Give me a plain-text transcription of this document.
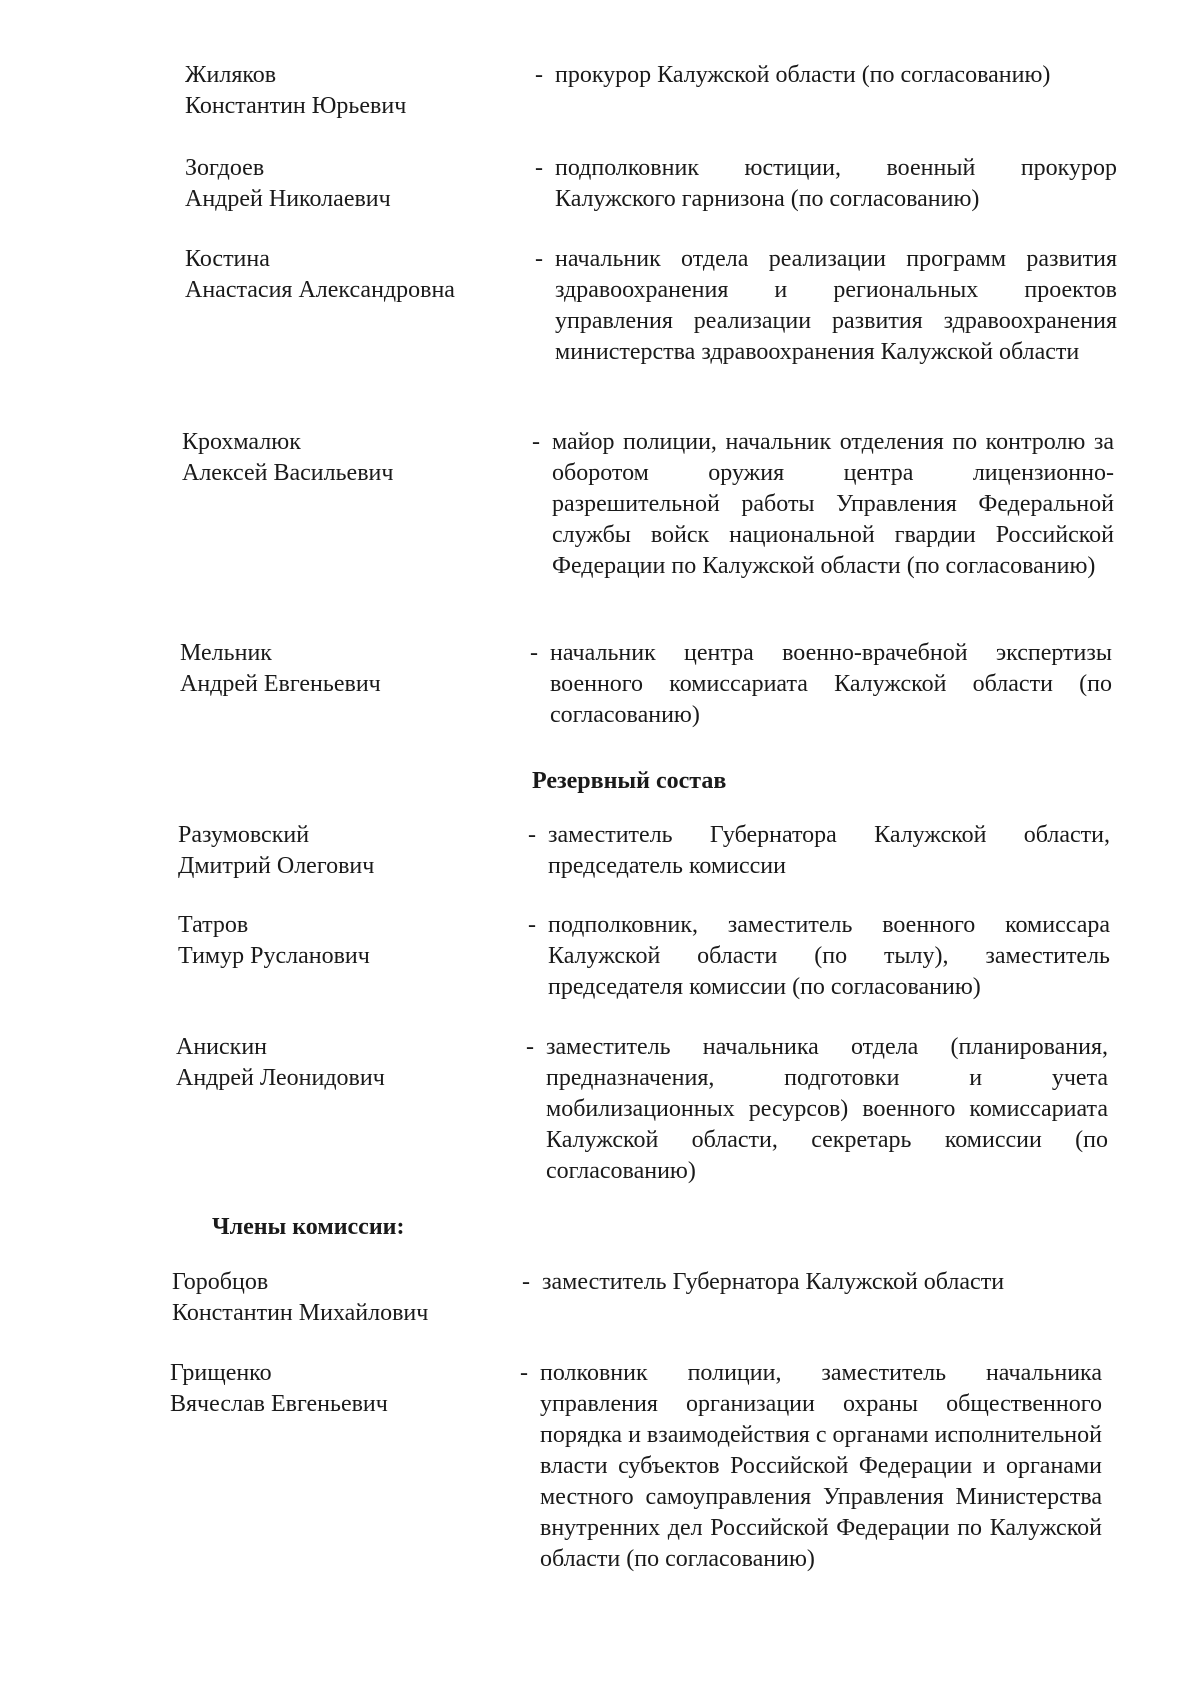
Жиляков
Константин Юрьевич
- прокурор Калужской области (по согласованию)
Зогдоев
Андрей Николаевич
- подполковник юстиции, военный прокурор Калужского гарнизона (по согласованию)
Костина
Анастасия Александровна
- начальник отдела реализации программ развития здравоохранения и региональных проектов управления реализации развития здравоохранения министерства здравоохранения Калужской области
Крохмалюк
Алексей Васильевич
- майор полиции, начальник отделения по контролю за оборотом оружия центра лицензионно-разрешительной работы Управления Федеральной службы войск национальной гвардии Российской Федерации по Калужской области (по согласованию)
Мельник
Андрей Евгеньевич
- начальник центра военно-врачебной экспертизы военного комиссариата Калужской области (по согласованию)
Резервный состав
Разумовский
Дмитрий Олегович
- заместитель Губернатора Калужской области, председатель комиссии
Татров
Тимур Русланович
- подполковник, заместитель военного комиссара Калужской области (по тылу), заместитель председателя комиссии (по согласованию)
Анискин
Андрей Леонидович
- заместитель начальника отдела (планирования, предназначения, подготовки и учета мобилизационных ресурсов) военного комиссариата Калужской области, секретарь комиссии (по согласованию)
Члены комиссии:
Горобцов
Константин Михайлович
- заместитель Губернатора Калужской области
Грищенко
Вячеслав Евгеньевич
- полковник полиции, заместитель начальника управления организации охраны общественного порядка и взаимодействия с органами исполнительной власти субъектов Российской Федерации и органами местного самоуправления Управления Министерства внутренних дел Российской Федерации по Калужской области (по согласованию)
